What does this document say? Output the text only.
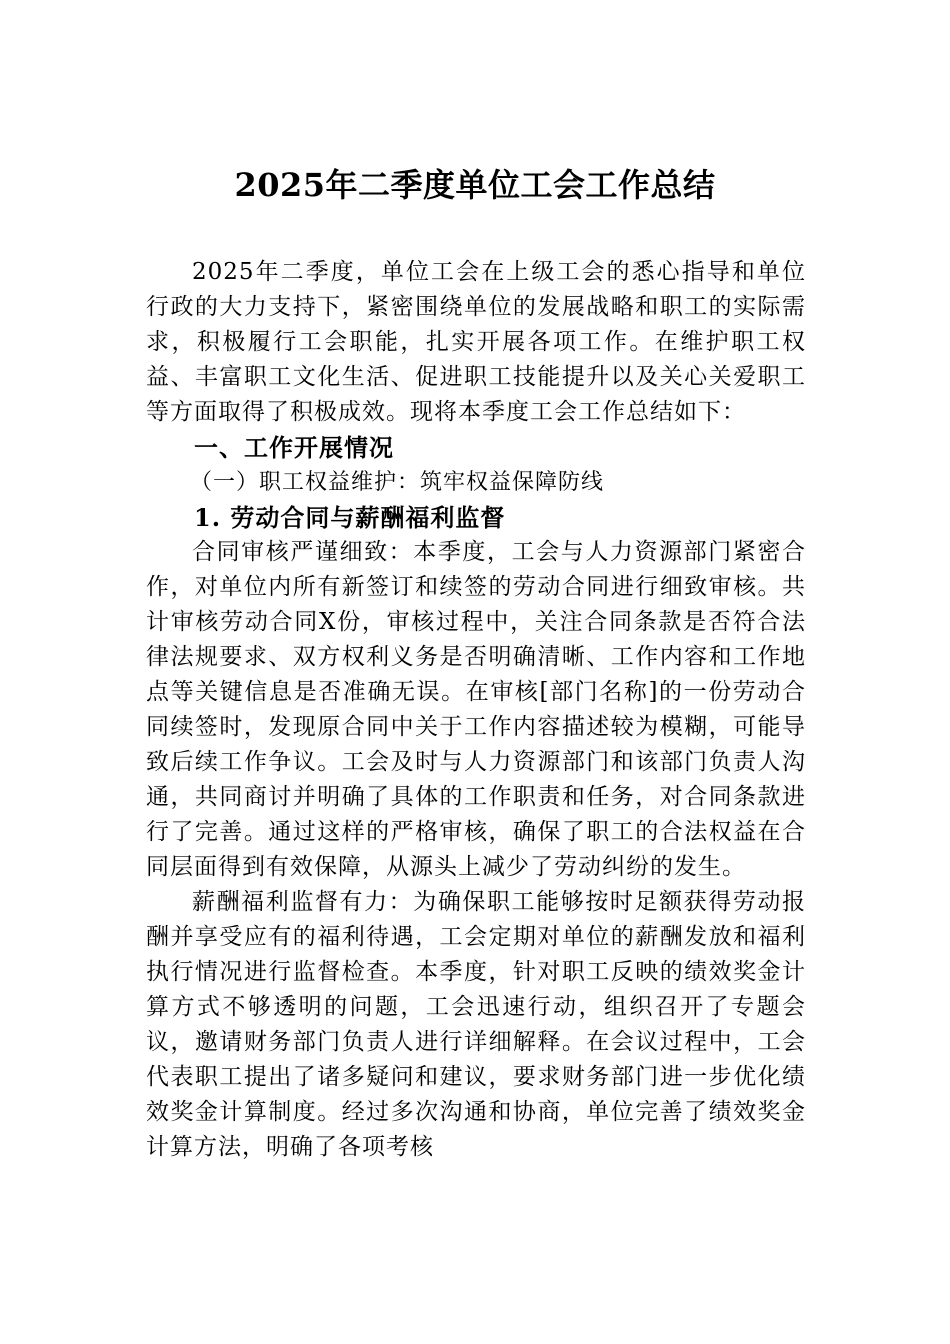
2025年二季度单位工会工作总结

2025年二季度，单位工会在上级工会的悉心指导和单位行政的大力支持下，紧密围绕单位的发展战略和职工的实际需求，积极履行工会职能，扎实开展各项工作。在维护职工权益、丰富职工文化生活、促进职工技能提升以及关心关爱职工等方面取得了积极成效。现将本季度工会工作总结如下：

一、工作开展情况

（一）职工权益维护：筑牢权益保障防线

1. 劳动合同与薪酬福利监督

合同审核严谨细致：本季度，工会与人力资源部门紧密合作，对单位内所有新签订和续签的劳动合同进行细致审核。共计审核劳动合同X份，审核过程中，关注合同条款是否符合法律法规要求、双方权利义务是否明确清晰、工作内容和工作地点等关键信息是否准确无误。在审核[部门名称]的一份劳动合同续签时，发现原合同中关于工作内容描述较为模糊，可能导致后续工作争议。工会及时与人力资源部门和该部门负责人沟通，共同商讨并明确了具体的工作职责和任务，对合同条款进行了完善。通过这样的严格审核，确保了职工的合法权益在合同层面得到有效保障，从源头上减少了劳动纠纷的发生。

薪酬福利监督有力：为确保职工能够按时足额获得劳动报酬并享受应有的福利待遇，工会定期对单位的薪酬发放和福利执行情况进行监督检查。本季度，针对职工反映的绩效奖金计算方式不够透明的问题，工会迅速行动，组织召开了专题会议，邀请财务部门负责人进行详细解释。在会议过程中，工会代表职工提出了诸多疑问和建议，要求财务部门进一步优化绩效奖金计算制度。经过多次沟通和协商，单位完善了绩效奖金计算方法，明确了各项考核
